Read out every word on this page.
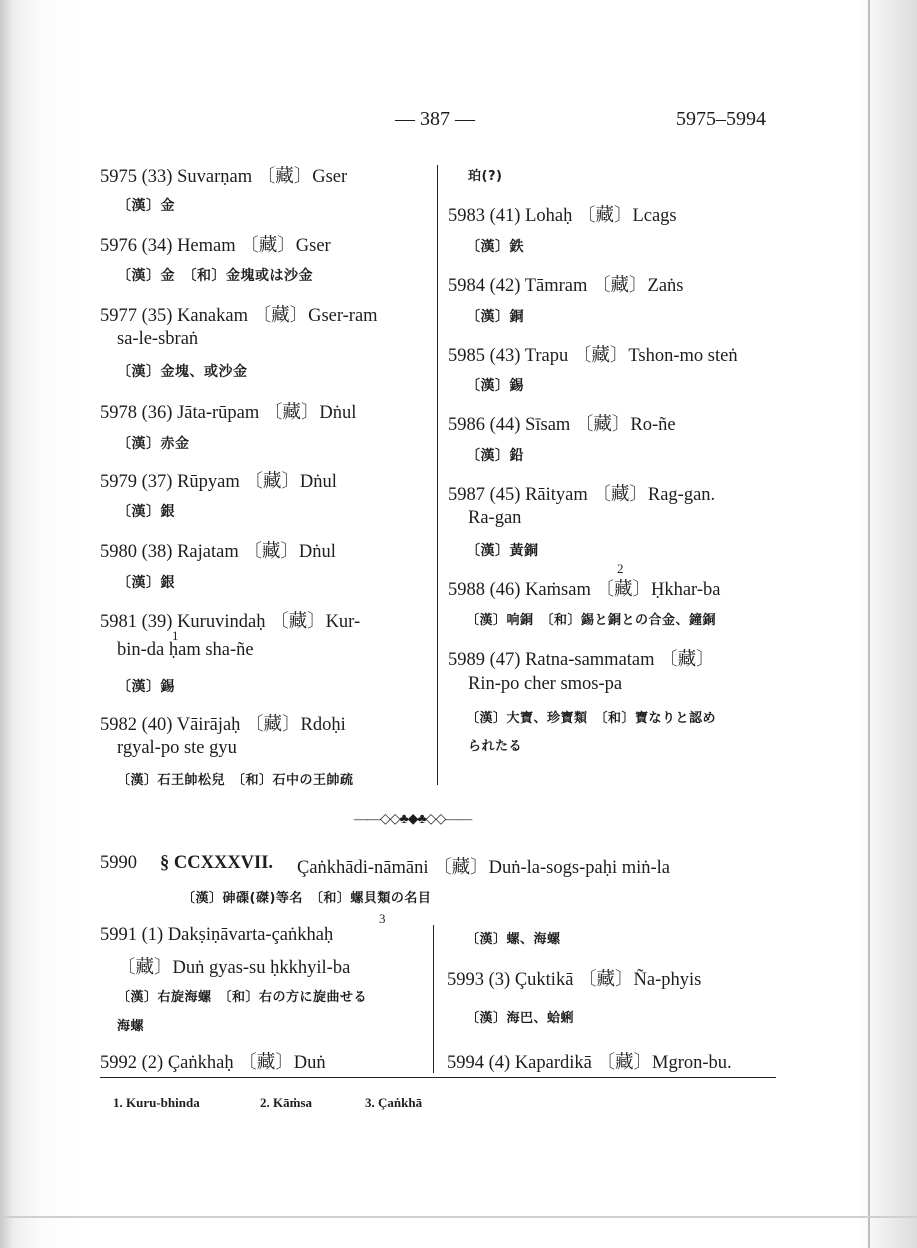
— 387 —	5975–5994
5975 (33) Suvarṇam 〔藏〕Gser
〔漢〕金
5976 (34) Hemam 〔藏〕Gser
〔漢〕金　〔和〕金塊或は沙金
5977 (35) Kanakam 〔藏〕Gser-ram
sa-le-sbraṅ
〔漢〕金塊、或沙金
5978 (36) Jāta-rūpam 〔藏〕Dṅul
〔漢〕赤金
5979 (37) Rūpyam 〔藏〕Dṅul
〔漢〕銀
5980 (38) Rajatam 〔藏〕Dṅul
〔漢〕銀
5981 (39) Kuruvindaḥ 〔藏〕Kur-
1
bin-da ḥam sha-ñe
〔漢〕錫
5982 (40) Vāirājaḥ 〔藏〕Rdoḥi
rgyal-po ste gyu
〔漢〕石王帥松兒　〔和〕石中の王帥疏
珀(?)
5983 (41) Lohaḥ 〔藏〕Lcags
〔漢〕鉄
5984 (42) Tāmram 〔藏〕Zaṅs
〔漢〕銅
5985 (43) Trapu 〔藏〕Tshon-mo steṅ
〔漢〕錫
5986 (44) Sīsam 〔藏〕Ro-ñe
〔漢〕鉛
5987 (45) Rāityam 〔藏〕Rag-gan.
Ra-gan
〔漢〕黃銅
2
5988 (46) Kaṁsam 〔藏〕Ḥkhar-ba
〔漢〕响銅　〔和〕錫と銅との合金、鐘銅
5989 (47) Ratna-sammatam 〔藏〕
Rin-po cher smos-pa
〔漢〕大寶、珍寶類　〔和〕寶なりと認め
られたる
——◇◇♣◆♣◇◇——
5990 § CCXXXVII. Çaṅkhādi-nāmāni 〔藏〕Duṅ-la-sogs-paḥi miṅ-la
〔漢〕砷磲(磔)等名　〔和〕螺貝類の名目
3
5991 (1) Dakṣiṇāvarta-çaṅkhaḥ
〔藏〕Duṅ gyas-su ḥkkhyil-ba
〔漢〕右旋海螺　〔和〕右の方に旋曲せる
海螺
5992 (2) Çaṅkhaḥ 〔藏〕Duṅ
〔漢〕螺、海螺
5993 (3) Çuktikā 〔藏〕Ña-phyis
〔漢〕海巴、蛤蜊
5994 (4) Kapardikā 〔藏〕Mgron-bu.
1. Kuru-bhinda	2. Kāṁsa	3. Çaṅkhā
